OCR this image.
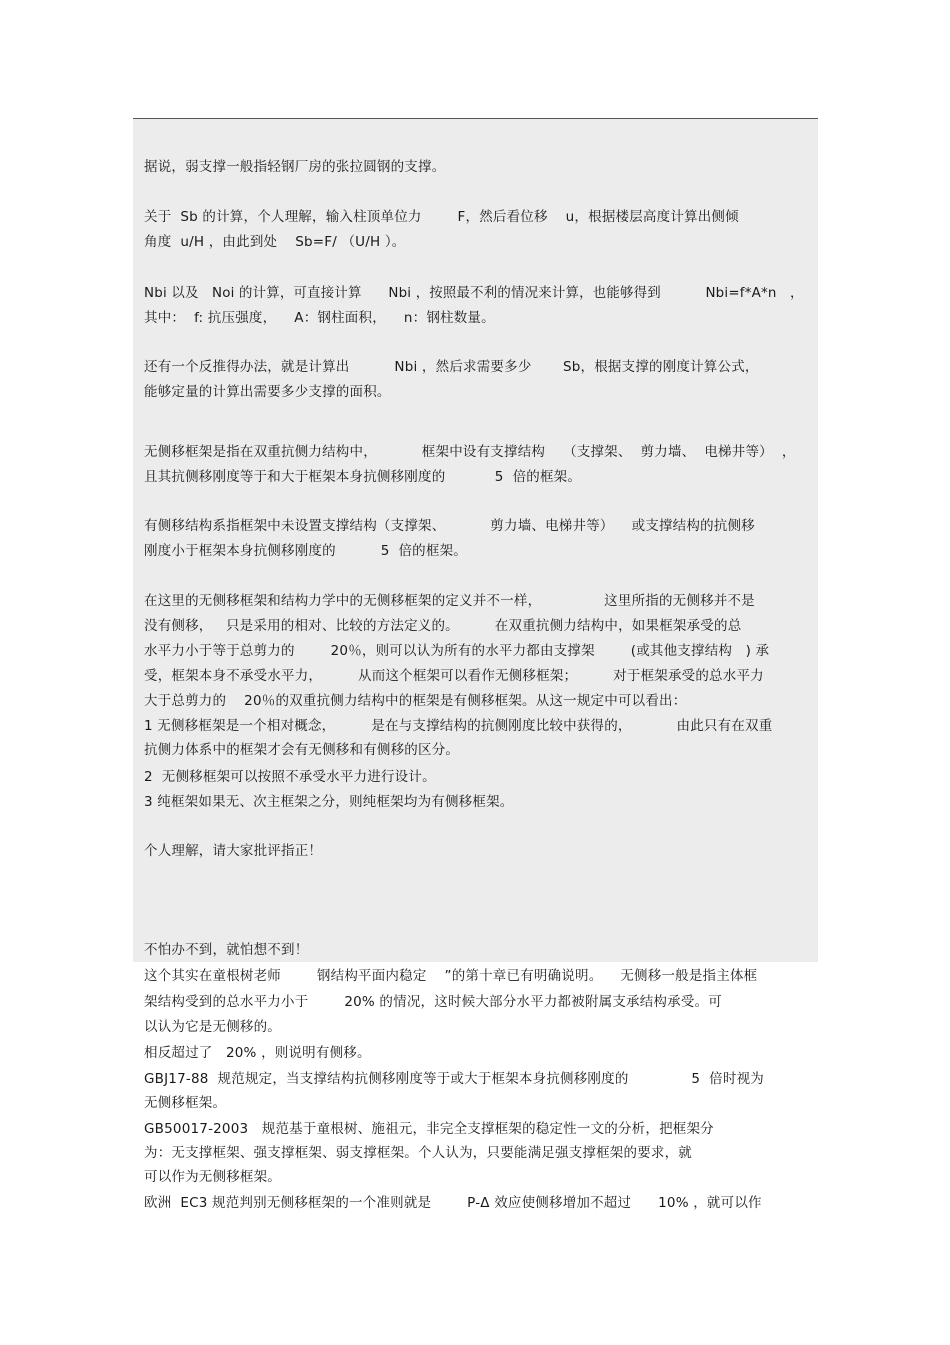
据说，弱支撑一般指轻钢厂房的张拉圆钢的支撑。
关于  Sb 的计算，个人理解，输入柱顶单位力        F，然后看位移    u，根据楼层高度计算出侧倾
角度  u/H ，由此到处    Sb=F/ （U/H ）。
Nbi 以及   Noi 的计算，可直接计算      Nbi ，按照最不利的情况来计算，也能够得到          Nbi=f*A*n   ，
其中：  f: 抗压强度，    A：钢柱面积，    n：钢柱数量。
还有一个反推得办法，就是计算出          Nbi ，然后求需要多少       Sb，根据支撑的刚度计算公式，
能够定量的计算出需要多少支撑的面积。
无侧移框架是指在双重抗侧力结构中，          框架中设有支撑结构    （支撑架、  剪力墙、  电梯井等）  ，
且其抗侧移刚度等于和大于框架本身抗侧移刚度的           5  倍的框架。
有侧移结构系指框架中未设置支撑结构（支撑架、          剪力墙、电梯井等）    或支撑结构的抗侧移
刚度小于框架本身抗侧移刚度的          5  倍的框架。
在这里的无侧移框架和结构力学中的无侧移框架的定义并不一样，              这里所指的无侧移并不是
没有侧移，   只是采用的相对、比较的方法定义的。        在双重抗侧力结构中，如果框架承受的总
水平力小于等于总剪力的        20％，则可以认为所有的水平力都由支撑架        (或其他支撑结构   ) 承
受，框架本身不承受水平力，        从而这个框架可以看作无侧移框架；        对于框架承受的总水平力
大于总剪力的    20％的双重抗侧力结构中的框架是有侧移框架。从这一规定中可以看出：
1 无侧移框架是一个相对概念，        是在与支撑结构的抗侧刚度比较中获得的，          由此只有在双重
抗侧力体系中的框架才会有无侧移和有侧移的区分。
2  无侧移框架可以按照不承受水平力进行设计。
3 纯框架如果无、次主框架之分，则纯框架均为有侧移框架。
个人理解，请大家批评指正！
不怕办不到，就怕想不到！
这个其实在童根树老师        钢结构平面内稳定    ”的第十章已有明确说明。    无侧移一般是指主体框
架结构受到的总水平力小于        20% 的情况，这时候大部分水平力都被附属支承结构承受。可
以认为它是无侧移的。
相反超过了   20% ，则说明有侧移。
GBJ17-88  规范规定，当支撑结构抗侧移刚度等于或大于框架本身抗侧移刚度的              5  倍时视为
无侧移框架。
GB50017-2003   规范基于童根树、施祖元，非完全支撑框架的稳定性一文的分析，把框架分
为：无支撑框架、强支撑框架、弱支撑框架。个人认为，只要能满足强支撑框架的要求，就
可以作为无侧移框架。
欧洲  EC3 规范判别无侧移框架的一个准则就是        P-Δ 效应使侧移增加不超过      10% ，就可以作
